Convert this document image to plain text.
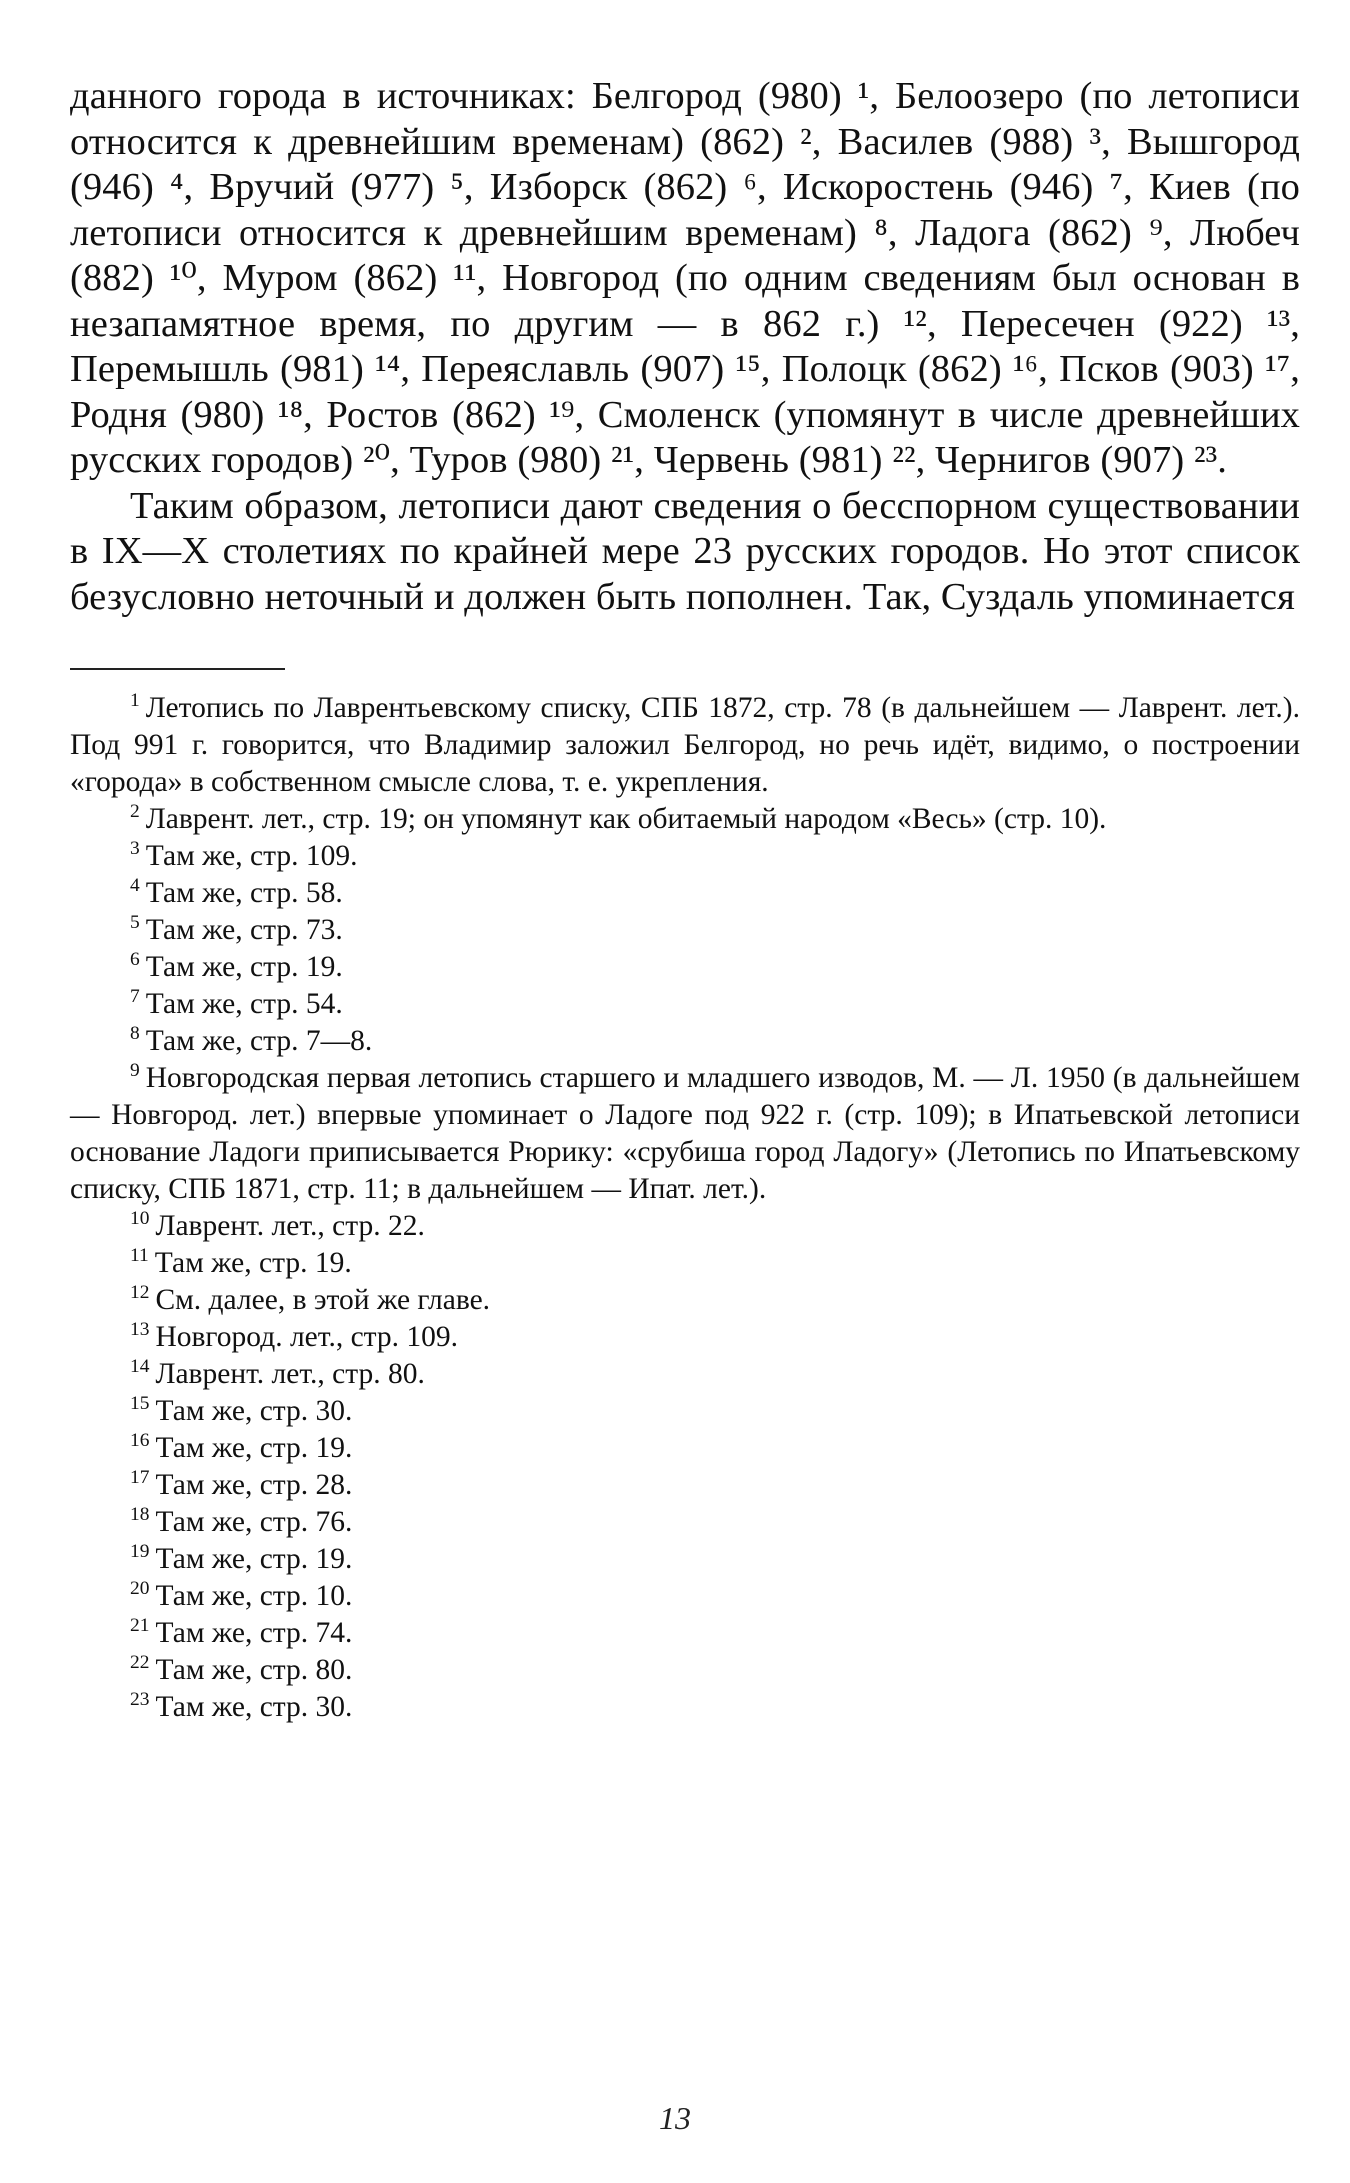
данного города в источниках: Белгород (980) ¹, Белоозеро (по летописи относится к древнейшим временам) (862) ², Василев (988) ³, Вышгород (946) ⁴, Вручий (977) ⁵, Изборск (862) ⁶, Искоростень (946) ⁷, Киев (по летописи относится к древнейшим временам) ⁸, Ладога (862) ⁹, Любеч (882) ¹⁰, Муром (862) ¹¹, Новгород (по одним сведениям был основан в незапамятное время, по другим — в 862 г.) ¹², Пересечен (922) ¹³, Перемышль (981) ¹⁴, Переяславль (907) ¹⁵, Полоцк (862) ¹⁶, Псков (903) ¹⁷, Родня (980) ¹⁸, Ростов (862) ¹⁹, Смоленск (упомянут в числе древнейших русских городов) ²⁰, Туров (980) ²¹, Червень (981) ²², Чернигов (907) ²³.

Таким образом, летописи дают сведения о бесспорном существовании в IX—X столетиях по крайней мере 23 русских городов. Но этот список безусловно неточный и должен быть пополнен. Так, Суздаль упоминается

$^1$ Летопись по Лаврентьевскому списку, СПБ 1872, стр. 78 (в дальнейшем — Лаврент. лет.). Под 991 г. говорится, что Владимир заложил Белгород, но речь идёт, видимо, о построении «города» в собственном смысле слова, т. е. укрепления.

$^2$ Лаврент. лет., стр. 19; он упомянут как обитаемый народом «Весь» (стр. 10).

$^3$ Там же, стр. 109.

$^4$ Там же, стр. 58.

$^5$ Там же, стр. 73.

$^6$ Там же, стр. 19.

$^7$ Там же, стр. 54.

$^8$ Там же, стр. 7—8.

$^9$ Новгородская первая летопись старшего и младшего изводов, М. — Л. 1950 (в дальнейшем — Новгород. лет.) впервые упоминает о Ладоге под 922 г. (стр. 109); в Ипатьевской летописи основание Ладоги приписывается Рюрику: «срубиша город Ладогу» (Летопись по Ипатьевскому списку, СПБ 1871, стр. 11; в дальнейшем — Ипат. лет.).

$^{10}$ Лаврент. лет., стр. 22.

$^{11}$ Там же, стр. 19.

$^{12}$ См. далее, в этой же главе.

$^{13}$ Новгород. лет., стр. 109.

$^{14}$ Лаврент. лет., стр. 80.

$^{15}$ Там же, стр. 30.

$^{16}$ Там же, стр. 19.

$^{17}$ Там же, стр. 28.

$^{18}$ Там же, стр. 76.

$^{19}$ Там же, стр. 19.

$^{20}$ Там же, стр. 10.

$^{21}$ Там же, стр. 74.

$^{22}$ Там же, стр. 80.

$^{23}$ Там же, стр. 30.

13
